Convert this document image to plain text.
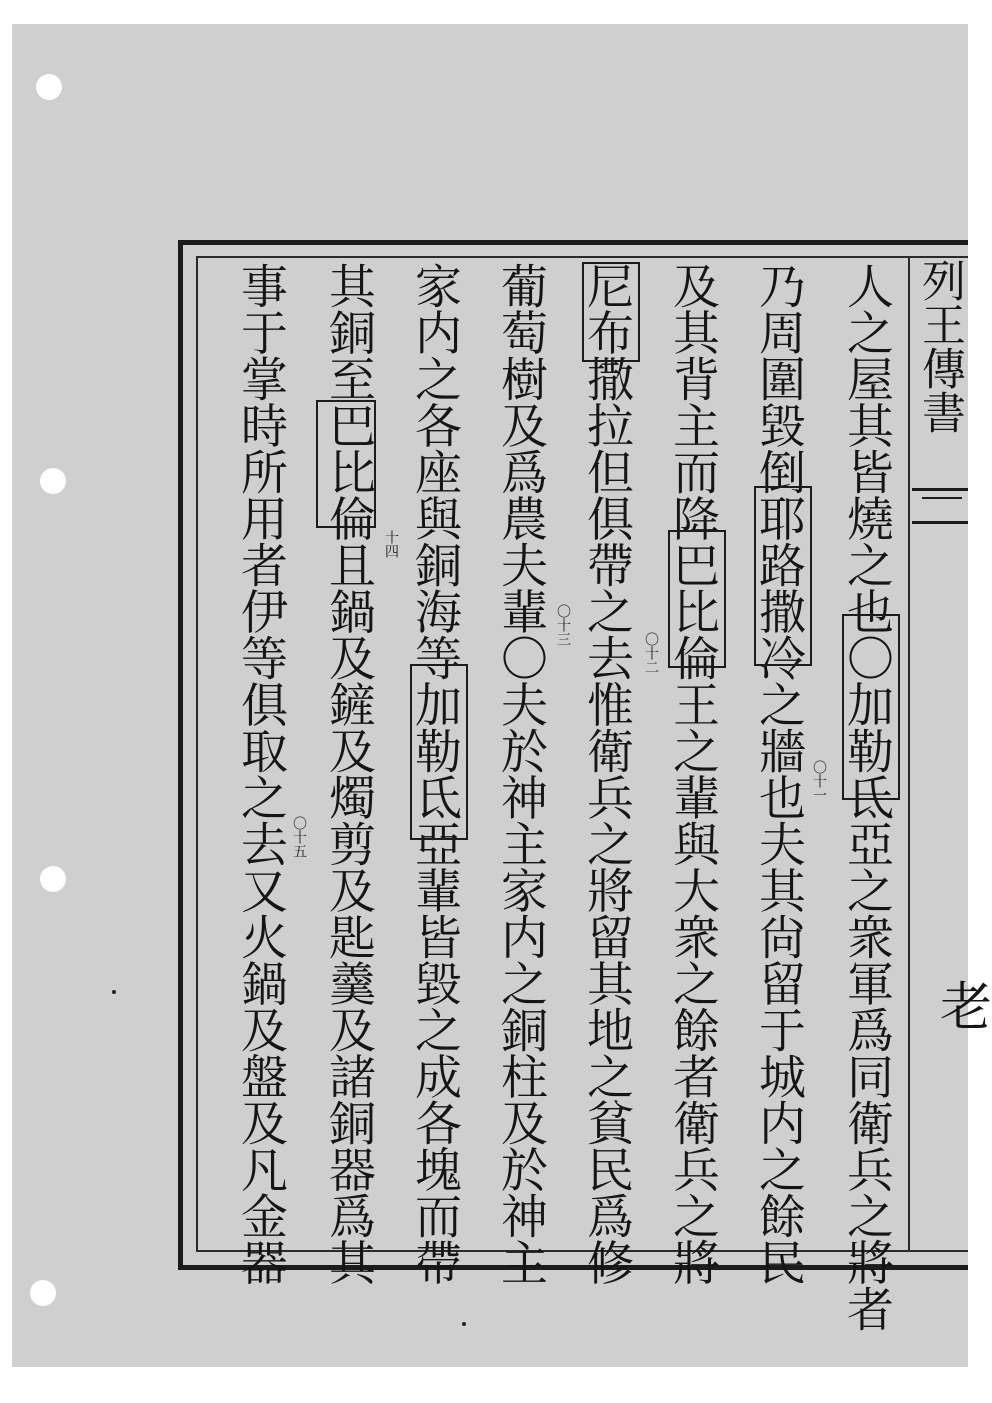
列王傳書
老
人之屋其皆燒之也〇加勒氐亞之衆軍爲同衛兵之將者
乃周圍毀倒耶路撒冷之牆也夫其尙留于城内之餘民
及其背主而降巴比倫王之輩與大衆之餘者衛兵之將
尼布撒拉但俱帶之去惟衛兵之將留其地之貧民爲修
葡萄樹及爲農夫輩〇夫於神主家内之銅柱及於神主
家内之各座與銅海等加勒氐亞輩皆毀之成各塊而帶
其銅至巴比倫且鍋及鏟及燭剪及匙羹及諸銅器爲其
事于掌時所用者伊等俱取之去又火鍋及盤及凡金器	〇十一
〇十二
〇十三
十四
〇十五
